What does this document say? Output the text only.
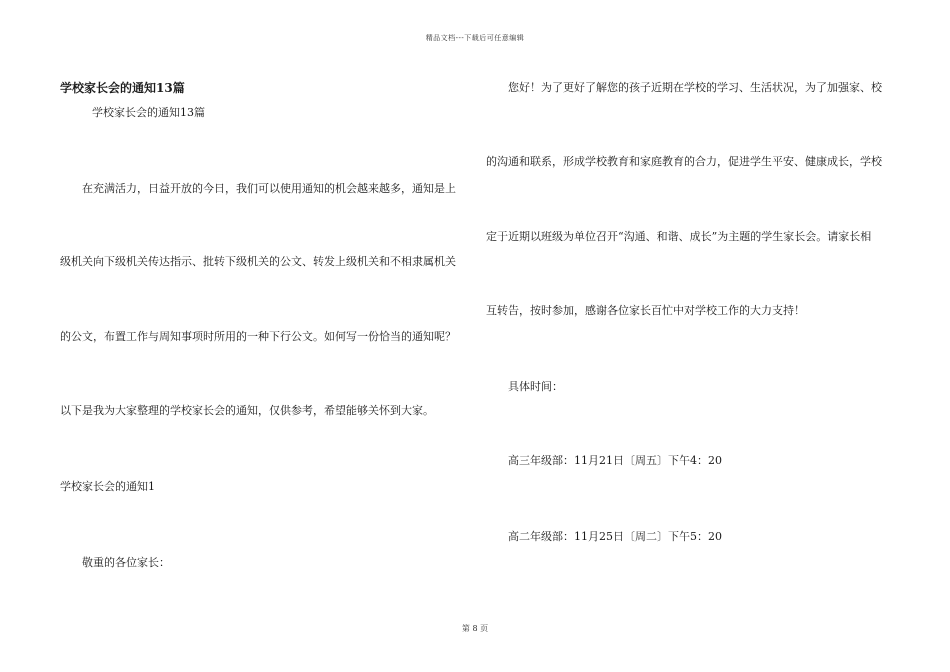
精品文档---下载后可任意编辑
学校家长会的通知13篇
学校家长会的通知13篇
在充满活力，日益开放的今日，我们可以使用通知的机会越来越多，通知是上
级机关向下级机关传达指示、批转下级机关的公文、转发上级机关和不相隶属机关
的公文，布置工作与周知事项时所用的一种下行公文。如何写一份恰当的通知呢？
以下是我为大家整理的学校家长会的通知，仅供参考，希望能够关怀到大家。
学校家长会的通知1
敬重的各位家长：
您好！为了更好了解您的孩子近期在学校的学习、生活状况，为了加强家、校
的沟通和联系，形成学校教育和家庭教育的合力，促进学生平安、健康成长，学校
定于近期以班级为单位召开“沟通、和谐、成长”为主题的学生家长会。请家长相
互转告，按时参加，感谢各位家长百忙中对学校工作的大力支持！
具体时间：
高三年级部：11月21日〔周五〕下午4：20
高二年级部：11月25日〔周二〕下午5：20
第 8 页
